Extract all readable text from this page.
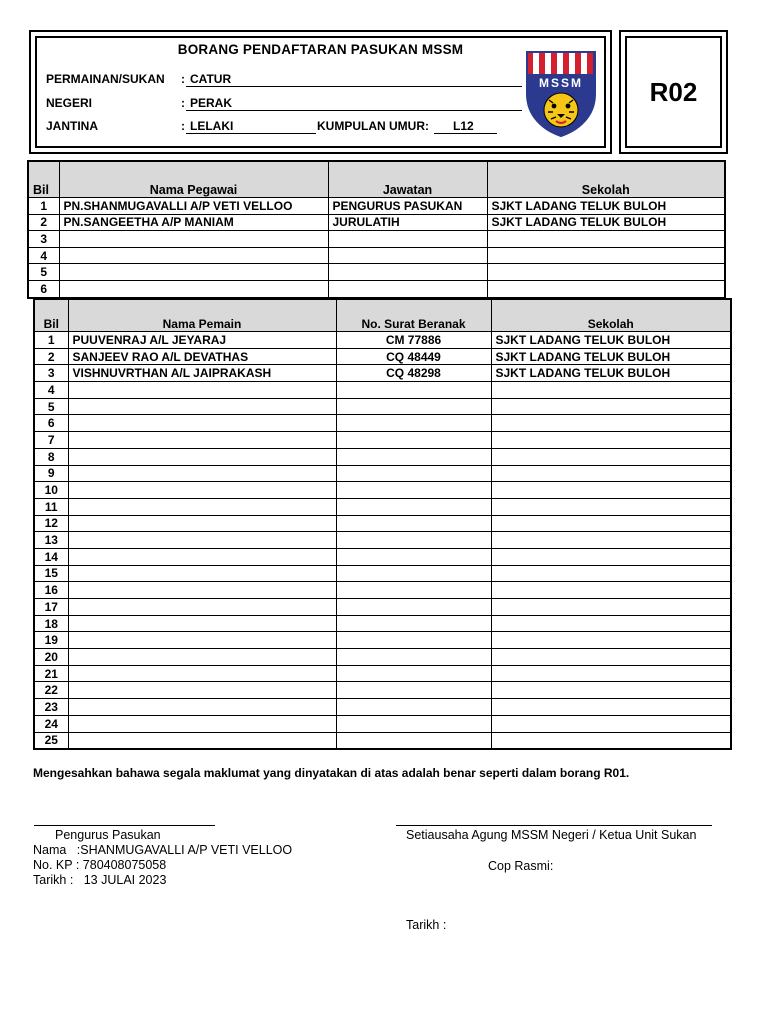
BORANG PENDAFTARAN PASUKAN MSSM
PERMAINAN/SUKAN : CATUR
NEGERI	: PERAK
JANTINA	: LELAKI	KUMPULAN UMUR: L12
MSSM	R02
Bil	Nama Pegawai	Jawatan	Sekolah
1	PN.SHANMUGAVALLI A/P VETI VELLOO	PENGURUS PASUKAN	SJKT LADANG TELUK BULOH
2	PN.SANGEETHA A/P MANIAM	JURULATIH	SJKT LADANG TELUK BULOH
3			
4			
5			
6			
Bil	Nama Pemain	No. Surat Beranak	Sekolah
1	PUUVENRAJ A/L JEYARAJ	CM 77886	SJKT LADANG TELUK BULOH
2	SANJEEV RAO A/L DEVATHAS	CQ 48449	SJKT LADANG TELUK BULOH
3	VISHNUVRTHAN A/L JAIPRAKASH	CQ 48298	SJKT LADANG TELUK BULOH
4			
5			
6			
7			
8			
9			
10			
11			
12			
13			
14			
15			
16			
17			
18			
19			
20			
21			
22			
23			
24			
25			
Mengesahkan bahawa segala maklumat yang dinyatakan di atas adalah benar seperti dalam borang R01.
Pengurus Pasukan
Nama   :SHANMUGAVALLI A/P VETI VELLOO
No. KP : 780408075058
Tarikh :   13 JULAI 2023
Setiausaha Agung MSSM Negeri / Ketua Unit Sukan
Cop Rasmi:
Tarikh :
